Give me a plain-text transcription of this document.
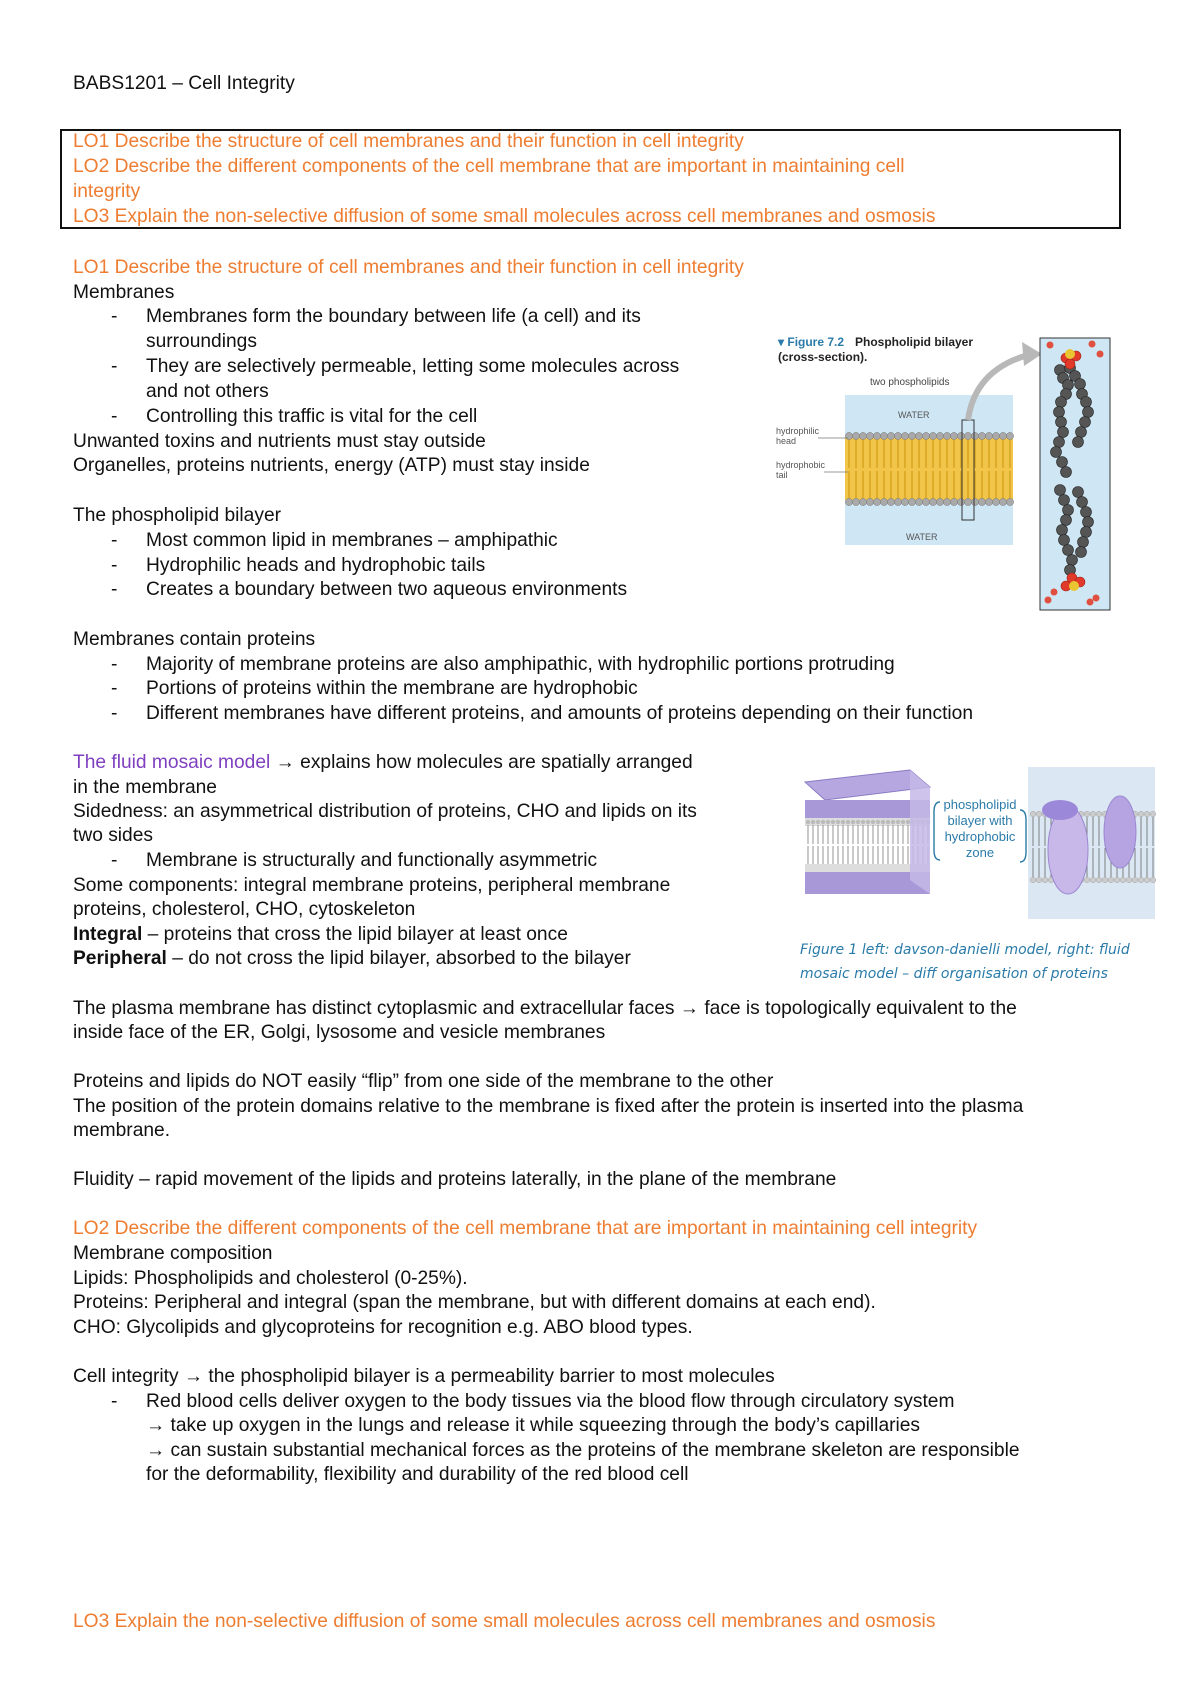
BABS1201 – Cell Integrity
LO1 Describe the structure of cell membranes and their function in cell integrity
LO2 Describe the different components of the cell membrane that are important in maintaining cell
integrity
LO3 Explain the non-selective diffusion of some small molecules across cell membranes and osmosis
LO1 Describe the structure of cell membranes and their function in cell integrity
Membranes
- Membranes form the boundary between life (a cell) and its
surroundings
- They are selectively permeable, letting some molecules across
and not others
- Controlling this traffic is vital for the cell
Unwanted toxins and nutrients must stay outside
Organelles, proteins nutrients, energy (ATP) must stay inside
The phospholipid bilayer
- Most common lipid in membranes – amphipathic
- Hydrophilic heads and hydrophobic tails
- Creates a boundary between two aqueous environments
Membranes contain proteins
- Majority of membrane proteins are also amphipathic, with hydrophilic portions protruding
- Portions of proteins within the membrane are hydrophobic
- Different membranes have different proteins, and amounts of proteins depending on their function
The fluid mosaic model → explains how molecules are spatially arranged
in the membrane
Sidedness: an asymmetrical distribution of proteins, CHO and lipids on its
two sides
- Membrane is structurally and functionally asymmetric
Some components: integral membrane proteins, peripheral membrane
proteins, cholesterol, CHO, cytoskeleton
Integral – proteins that cross the lipid bilayer at least once
Peripheral – do not cross the lipid bilayer, absorbed to the bilayer
The plasma membrane has distinct cytoplasmic and extracellular faces → face is topologically equivalent to the
inside face of the ER, Golgi, lysosome and vesicle membranes
Proteins and lipids do NOT easily “flip” from one side of the membrane to the other
The position of the protein domains relative to the membrane is fixed after the protein is inserted into the plasma
membrane.
Fluidity – rapid movement of the lipids and proteins laterally, in the plane of the membrane
LO2 Describe the different components of the cell membrane that are important in maintaining cell integrity
Membrane composition
Lipids: Phospholipids and cholesterol (0-25%).
Proteins: Peripheral and integral (span the membrane, but with different domains at each end).
CHO: Glycolipids and glycoproteins for recognition e.g. ABO blood types.
Cell integrity → the phospholipid bilayer is a permeability barrier to most molecules
- Red blood cells deliver oxygen to the body tissues via the blood flow through circulatory system
→ take up oxygen in the lungs and release it while squeezing through the body’s capillaries
→ can sustain substantial mechanical forces as the proteins of the membrane skeleton are responsible
for the deformability, flexibility and durability of the red blood cell
LO3 Explain the non-selective diffusion of some small molecules across cell membranes and osmosis
▾ Figure 7.2 Phospholipid bilayer
(cross-section).
two phospholipids
WATER
WATER
hydrophilic
head
hydrophobic
tail
phospholipid
bilayer with
hydrophobic
zone
Figure 1 left: davson-danielli model, right: fluid
mosaic model – diff organisation of proteins
